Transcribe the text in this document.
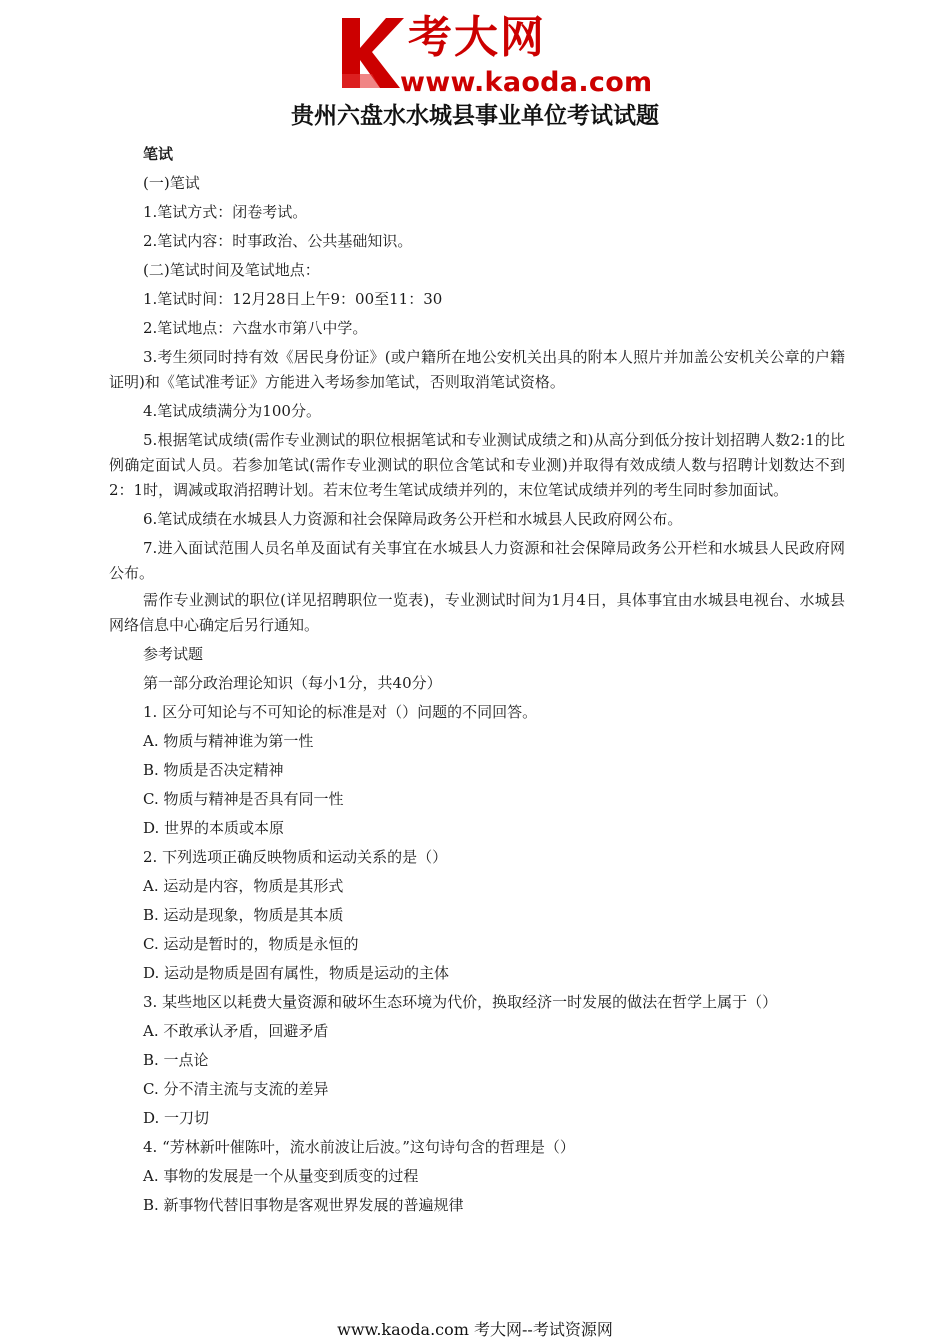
考大网
www.kaoda.com
贵州六盘水水城县事业单位考试试题

笔试

(一)笔试

1.笔试方式：闭卷考试。

2.笔试内容：时事政治、公共基础知识。

(二)笔试时间及笔试地点：

1.笔试时间：12月28日上午9：00至11：30

2.笔试地点：六盘水市第八中学。

3.考生须同时持有效《居民身份证》(或户籍所在地公安机关出具的附本人照片并加盖公安机关公章的户籍证明)和《笔试准考证》方能进入考场参加笔试，否则取消笔试资格。

4.笔试成绩满分为100分。

5.根据笔试成绩(需作专业测试的职位根据笔试和专业测试成绩之和)从高分到低分按计划招聘人数2:1的比例确定面试人员。若参加笔试(需作专业测试的职位含笔试和专业测)并取得有效成绩人数与招聘计划数达不到2：1时，调减或取消招聘计划。若末位考生笔试成绩并列的，末位笔试成绩并列的考生同时参加面试。

6.笔试成绩在水城县人力资源和社会保障局政务公开栏和水城县人民政府网公布。

7.进入面试范围人员名单及面试有关事宜在水城县人力资源和社会保障局政务公开栏和水城县人民政府网公布。

需作专业测试的职位(详见招聘职位一览表)，专业测试时间为1月4日，具体事宜由水城县电视台、水城县网络信息中心确定后另行通知。

参考试题

第一部分政治理论知识（每小1分，共40分）

1. 区分可知论与不可知论的标准是对（）问题的不同回答。

A. 物质与精神谁为第一性

B. 物质是否决定精神

C. 物质与精神是否具有同一性

D. 世界的本质或本原

2. 下列选项正确反映物质和运动关系的是（）

A. 运动是内容，物质是其形式

B. 运动是现象，物质是其本质

C. 运动是暂时的，物质是永恒的

D. 运动是物质是固有属性，物质是运动的主体

3. 某些地区以耗费大量资源和破坏生态环境为代价，换取经济一时发展的做法在哲学上属于（）

A. 不敢承认矛盾，回避矛盾

B. 一点论

C. 分不清主流与支流的差异

D. 一刀切

4. “芳林新叶催陈叶，流水前波让后波。”这句诗句含的哲理是（）

A. 事物的发展是一个从量变到质变的过程

B. 新事物代替旧事物是客观世界发展的普遍规律

www.kaoda.com 考大网--考试资源网
